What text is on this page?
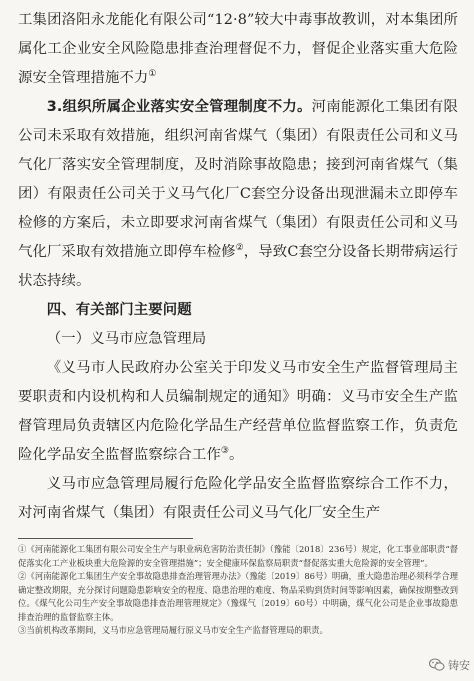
工集团洛阳永龙能化有限公司“12·8”较大中毒事故教训，对本集团所属化工企业安全风险隐患排查治理督促不力，督促企业落实重大危险源安全管理措施不力①

3.组织所属企业落实安全管理制度不力。河南能源化工集团有限公司未采取有效措施，组织河南省煤气（集团）有限责任公司和义马气化厂落实安全管理制度，及时消除事故隐患；接到河南省煤气（集团）有限责任公司关于义马气化厂C套空分设备出现泄漏未立即停车检修的方案后，未立即要求河南省煤气（集团）有限责任公司和义马气化厂采取有效措施立即停车检修②，导致C套空分设备长期带病运行状态持续。

四、有关部门主要问题

（一）义马市应急管理局

《义马市人民政府办公室关于印发义马市安全生产监督管理局主要职责和内设机构和人员编制规定的通知》明确：义马市安全生产监督管理局负责辖区内危险化学品生产经营单位监督监察工作，负责危险化学品安全监督监察综合工作③。

义马市应急管理局履行危险化学品安全监督监察综合工作不力，对河南省煤气（集团）有限责任公司义马气化厂安全生产

①《河南能源化工集团有限公司安全生产与职业病危害防治责任制》（豫能〔2018〕236号）规定，化工事业部职责“督促落实化工产业板块重大危险源的安全管理措施”；安全健康环保监察局职责“督促落实重大危险源的安全管理”。

②《河南能源化工集团生产安全事故隐患排查治理管理办法》（豫能〔2019〕86号）明确，重大隐患治理必须科学合理确定整改期限，充分探讨问题隐患影响安全的程度、隐患治理的难度、物品采购到货时间等影响因素，确保按期整改到位。《煤气化公司生产安全事故隐患排查治理管理规定》（豫煤气〔2019〕60号）中明确，煤气化公司是企业事故隐患排查治理的监督监察主体。

③当前机构改革期间，义马市应急管理局履行原义马市安全生产监督管理局的职责。

铸安
